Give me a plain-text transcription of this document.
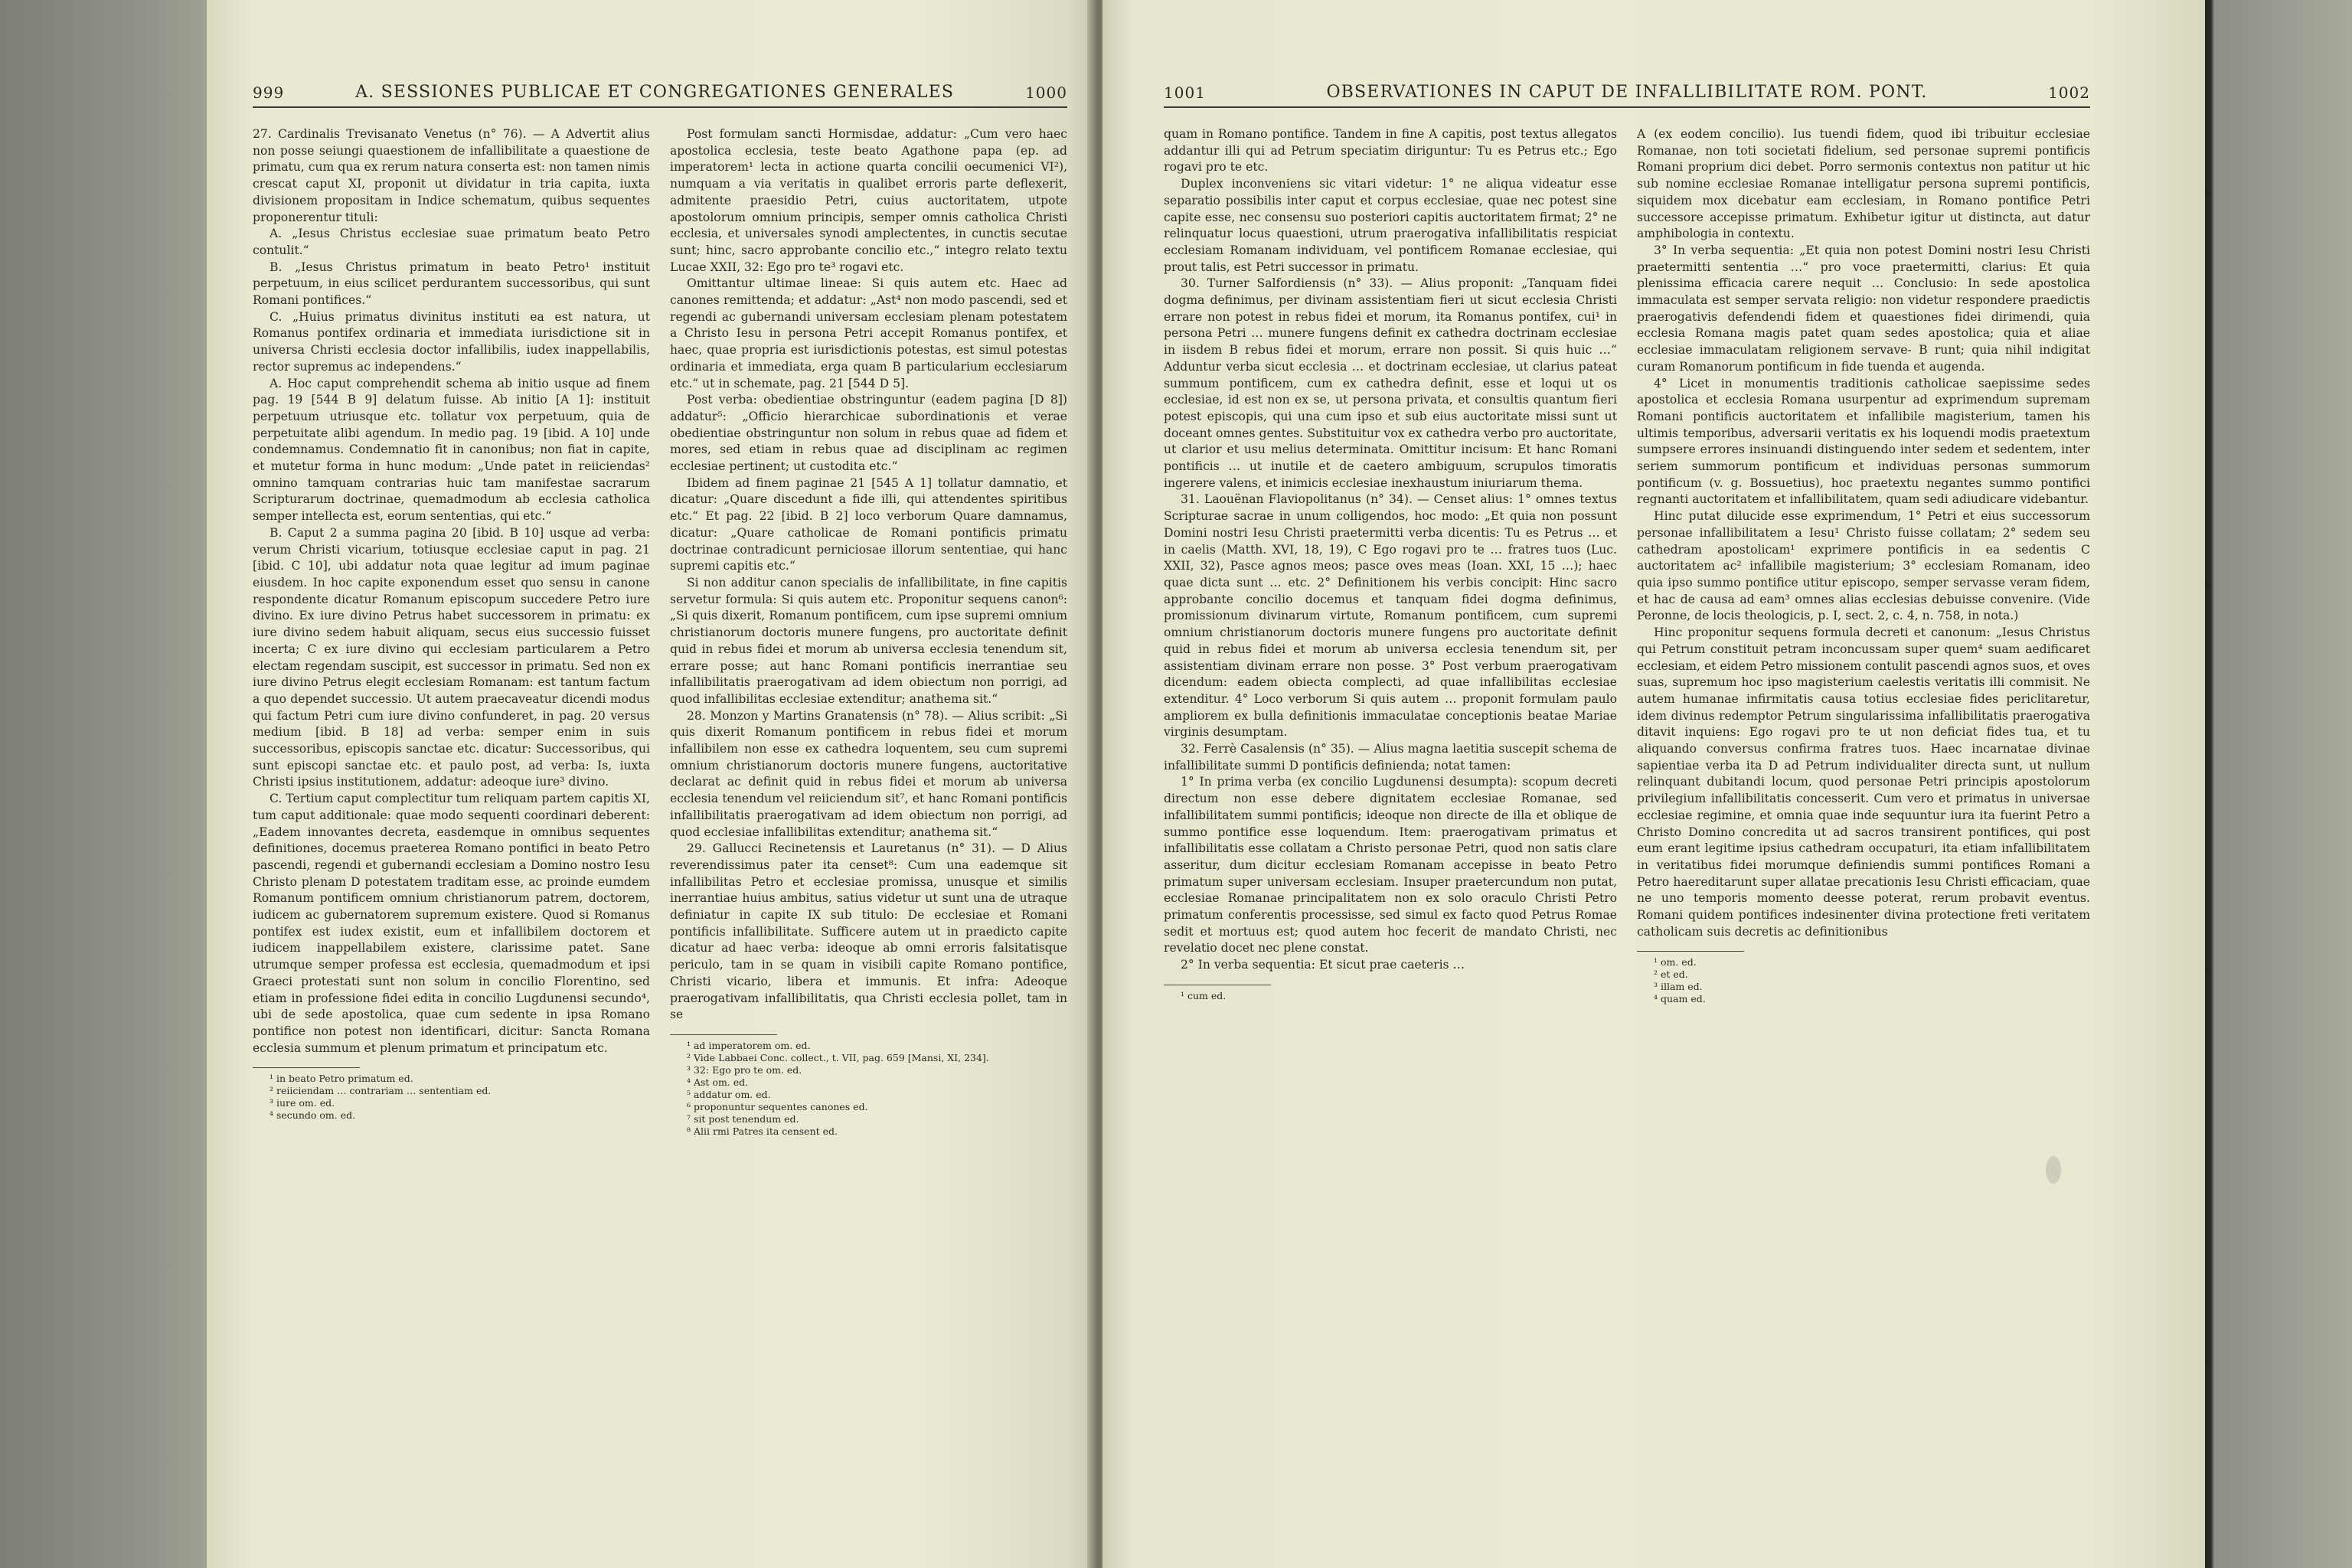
999	A. SESSIONES PUBLICAE ET CONGREGATIONES GENERALES	1000

27. Cardinalis Trevisanato Venetus (n° 76). — A Advertit alius non posse seiungi quaestionem de infallibilitate a quaestione de primatu, cum qua ex rerum natura conserta est: non tamen nimis crescat caput XI, proponit ut dividatur in tria capita, iuxta divisionem propositam in Indice schematum, quibus sequentes proponerentur tituli:

A. „Iesus Christus ecclesiae suae primatum beato Petro contulit.“

B. „Iesus Christus primatum in beato Petro¹ instituit perpetuum, in eius scilicet perdurantem successoribus, qui sunt Romani pontifices.“

C. „Huius primatus divinitus instituti ea est natura, ut Romanus pontifex ordinaria et immediata iurisdictione sit in universa Christi ecclesia doctor infallibilis, iudex inappellabilis, rector supremus ac independens.“

A. Hoc caput comprehendit schema ab initio usque ad finem pag. 19 [544 B 9] delatum fuisse. Ab initio [A 1]: instituit perpetuum utriusque etc. tollatur vox perpetuum, quia de perpetuitate alibi agendum. In medio pag. 19 [ibid. A 10] unde condemnamus. Condemnatio fit in canonibus; non fiat in capite, et mutetur forma in hunc modum: „Unde patet in reiiciendas² omnino tamquam contrarias huic tam manifestae sacrarum Scripturarum doctrinae, quemadmodum ab ecclesia catholica semper intellecta est, eorum sententias, qui etc.“

B. Caput 2 a summa pagina 20 [ibid. B 10] usque ad verba: verum Christi vicarium, totiusque ecclesiae caput in pag. 21 [ibid. C 10], ubi addatur nota quae legitur ad imum paginae eiusdem. In hoc capite exponendum esset quo sensu in canone respondente dicatur Romanum episcopum succedere Petro iure divino. Ex iure divino Petrus habet successorem in primatu: ex iure divino sedem habuit aliquam, secus eius successio fuisset incerta; C ex iure divino qui ecclesiam particularem a Petro electam regendam suscipit, est successor in primatu. Sed non ex iure divino Petrus elegit ecclesiam Romanam: est tantum factum a quo dependet successio. Ut autem praecaveatur dicendi modus qui factum Petri cum iure divino confunderet, in pag. 20 versus medium [ibid. B 18] ad verba: semper enim in suis successoribus, episcopis sanctae etc. dicatur: Successoribus, qui sunt episcopi sanctae etc. et paulo post, ad verba: Is, iuxta Christi ipsius institutionem, addatur: adeoque iure³ divino.

C. Tertium caput complectitur tum reliquam partem capitis XI, tum caput additionale: quae modo sequenti coordinari deberent: „Eadem innovantes decreta, easdemque in omnibus sequentes definitiones, docemus praeterea Romano pontifici in beato Petro pascendi, regendi et gubernandi ecclesiam a Domino nostro Iesu Christo plenam D potestatem traditam esse, ac proinde eumdem Romanum pontificem omnium christianorum patrem, doctorem, iudicem ac gubernatorem supremum existere. Quod si Romanus pontifex est iudex existit, eum et infallibilem doctorem et iudicem inappellabilem existere, clarissime patet. Sane utrumque semper professa est ecclesia, quemadmodum et ipsi Graeci protestati sunt non solum in concilio Florentino, sed etiam in professione fidei edita in concilio Lugdunensi secundo⁴, ubi de sede apostolica, quae cum sedente in ipsa Romano pontifice non potest non identificari, dicitur: Sancta Romana ecclesia summum et plenum primatum et principatum etc.

¹ in beato Petro primatum ed.

² reiiciendam … contrariam … sententiam ed.

³ iure om. ed.

⁴ secundo om. ed.

Post formulam sancti Hormisdae, addatur: „Cum vero haec apostolica ecclesia, teste beato Agathone papa (ep. ad imperatorem¹ lecta in actione quarta concilii oecumenici VI²), numquam a via veritatis in qualibet erroris parte deflexerit, admitente praesidio Petri, cuius auctoritatem, utpote apostolorum omnium principis, semper omnis catholica Christi ecclesia, et universales synodi amplectentes, in cunctis secutae sunt; hinc, sacro approbante concilio etc.,“ integro relato textu Lucae XXII, 32: Ego pro te³ rogavi etc.

Omittantur ultimae lineae: Si quis autem etc. Haec ad canones remittenda; et addatur: „Ast⁴ non modo pascendi, sed et regendi ac gubernandi universam ecclesiam plenam potestatem a Christo Iesu in persona Petri accepit Romanus pontifex, et haec, quae propria est iurisdictionis potestas, est simul potestas ordinaria et immediata, erga quam B particularium ecclesiarum etc.“ ut in schemate, pag. 21 [544 D 5].

Post verba: obedientiae obstringuntur (eadem pagina [D 8]) addatur⁵: „Officio hierarchicae subordinationis et verae obedientiae obstringuntur non solum in rebus quae ad fidem et mores, sed etiam in rebus quae ad disciplinam ac regimen ecclesiae pertinent; ut custodita etc.“

Ibidem ad finem paginae 21 [545 A 1] tollatur damnatio, et dicatur: „Quare discedunt a fide illi, qui attendentes spiritibus etc.“ Et pag. 22 [ibid. B 2] loco verborum Quare damnamus, dicatur: „Quare catholicae de Romani pontificis primatu doctrinae contradicunt perniciosae illorum sententiae, qui hanc supremi capitis etc.“

Si non additur canon specialis de infallibilitate, in fine capitis servetur formula: Si quis autem etc. Proponitur sequens canon⁶: „Si quis dixerit, Romanum pontificem, cum ipse supremi omnium christianorum doctoris munere fungens, pro auctoritate definit quid in rebus fidei et morum ab universa ecclesia tenendum sit, errare posse; aut hanc Romani pontificis inerrantiae seu infallibilitatis praerogativam ad idem obiectum non porrigi, ad quod infallibilitas ecclesiae extenditur; anathema sit.“

28. Monzon y Martins Granatensis (n° 78). — Alius scribit: „Si quis dixerit Romanum pontificem in rebus fidei et morum infallibilem non esse ex cathedra loquentem, seu cum supremi omnium christianorum doctoris munere fungens, auctoritative declarat ac definit quid in rebus fidei et morum ab universa ecclesia tenendum vel reiiciendum sit⁷, et hanc Romani pontificis infallibilitatis praerogativam ad idem obiectum non porrigi, ad quod ecclesiae infallibilitas extenditur; anathema sit.“

29. Gallucci Recinetensis et Lauretanus (n° 31). — D Alius reverendissimus pater ita censet⁸: Cum una eademque sit infallibilitas Petro et ecclesiae promissa, unusque et similis inerrantiae huius ambitus, satius videtur ut sunt una de utraque definiatur in capite IX sub titulo: De ecclesiae et Romani pontificis infallibilitate. Sufficere autem ut in praedicto capite dicatur ad haec verba: ideoque ab omni erroris falsitatisque periculo, tam in se quam in visibili capite Romano pontifice, Christi vicario, libera et immunis. Et infra: Adeoque praerogativam infallibilitatis, qua Christi ecclesia pollet, tam in se

¹ ad imperatorem om. ed.

² Vide Labbaei Conc. collect., t. VII, pag. 659 [Mansi, XI, 234].

³ 32: Ego pro te om. ed.

⁴ Ast om. ed.

⁵ addatur om. ed.

⁶ proponuntur sequentes canones ed.

⁷ sit post tenendum ed.

⁸ Alii rmi Patres ita censent ed.

1001	OBSERVATIONES IN CAPUT DE INFALLIBILITATE ROM. PONT.	1002

quam in Romano pontifice. Tandem in fine A capitis, post textus allegatos addantur illi qui ad Petrum speciatim diriguntur: Tu es Petrus etc.; Ego rogavi pro te etc.

Duplex inconveniens sic vitari videtur: 1° ne aliqua videatur esse separatio possibilis inter caput et corpus ecclesiae, quae nec potest sine capite esse, nec consensu suo posteriori capitis auctoritatem firmat; 2° ne relinquatur locus quaestioni, utrum praerogativa infallibilitatis respiciat ecclesiam Romanam individuam, vel pontificem Romanae ecclesiae, qui prout talis, est Petri successor in primatu.

30. Turner Salfordiensis (n° 33). — Alius proponit: „Tanquam fidei dogma definimus, per divinam assistentiam fieri ut sicut ecclesia Christi errare non potest in rebus fidei et morum, ita Romanus pontifex, cui¹ in persona Petri … munere fungens definit ex cathedra doctrinam ecclesiae in iisdem B rebus fidei et morum, errare non possit. Si quis huic …“ Adduntur verba sicut ecclesia … et doctrinam ecclesiae, ut clarius pateat summum pontificem, cum ex cathedra definit, esse et loqui ut os ecclesiae, id est non ex se, ut persona privata, et consultis quantum fieri potest episcopis, qui una cum ipso et sub eius auctoritate missi sunt ut doceant omnes gentes. Substituitur vox ex cathedra verbo pro auctoritate, ut clarior et usu melius determinata. Omittitur incisum: Et hanc Romani pontificis … ut inutile et de caetero ambiguum, scrupulos timoratis ingerere valens, et inimicis ecclesiae inexhaustum iniuriarum thema.

31. Laouënan Flaviopolitanus (n° 34). — Censet alius: 1° omnes textus Scripturae sacrae in unum colligendos, hoc modo: „Et quia non possunt Domini nostri Iesu Christi praetermitti verba dicentis: Tu es Petrus … et in caelis (Matth. XVI, 18, 19), C Ego rogavi pro te … fratres tuos (Luc. XXII, 32), Pasce agnos meos; pasce oves meas (Ioan. XXI, 15 …); haec quae dicta sunt … etc. 2° Definitionem his verbis concipit: Hinc sacro approbante concilio docemus et tanquam fidei dogma definimus, promissionum divinarum virtute, Romanum pontificem, cum supremi omnium christianorum doctoris munere fungens pro auctoritate definit quid in rebus fidei et morum ab universa ecclesia tenendum sit, per assistentiam divinam errare non posse. 3° Post verbum praerogativam dicendum: eadem obiecta complecti, ad quae infallibilitas ecclesiae extenditur. 4° Loco verborum Si quis autem … proponit formulam paulo ampliorem ex bulla definitionis immaculatae conceptionis beatae Mariae virginis desumptam.

32. Ferrè Casalensis (n° 35). — Alius magna laetitia suscepit schema de infallibilitate summi D pontificis definienda; notat tamen:

1° In prima verba (ex concilio Lugdunensi desumpta): scopum decreti directum non esse debere dignitatem ecclesiae Romanae, sed infallibilitatem summi pontificis; ideoque non directe de illa et oblique de summo pontifice esse loquendum. Item: praerogativam primatus et infallibilitatis esse collatam a Christo personae Petri, quod non satis clare asseritur, dum dicitur ecclesiam Romanam accepisse in beato Petro primatum super universam ecclesiam. Insuper praetercundum non putat, ecclesiae Romanae principalitatem non ex solo oraculo Christi Petro primatum conferentis processisse, sed simul ex facto quod Petrus Romae sedit et mortuus est; quod autem hoc fecerit de mandato Christi, nec revelatio docet nec plene constat.

2° In verba sequentia: Et sicut prae caeteris …

¹ cum ed.

A (ex eodem concilio). Ius tuendi fidem, quod ibi tribuitur ecclesiae Romanae, non toti societati fidelium, sed personae supremi pontificis Romani proprium dici debet. Porro sermonis contextus non patitur ut hic sub nomine ecclesiae Romanae intelligatur persona supremi pontificis, siquidem mox dicebatur eam ecclesiam, in Romano pontifice Petri successore accepisse primatum. Exhibetur igitur ut distincta, aut datur amphibologia in contextu.

3° In verba sequentia: „Et quia non potest Domini nostri Iesu Christi praetermitti sententia …“ pro voce praetermitti, clarius: Et quia plenissima efficacia carere nequit … Conclusio: In sede apostolica immaculata est semper servata religio: non videtur respondere praedictis praerogativis defendendi fidem et quaestiones fidei dirimendi, quia ecclesia Romana magis patet quam sedes apostolica; quia et aliae ecclesiae immaculatam religionem servave- B runt; quia nihil indigitat curam Romanorum pontificum in fide tuenda et augenda.

4° Licet in monumentis traditionis catholicae saepissime sedes apostolica et ecclesia Romana usurpentur ad exprimendum supremam Romani pontificis auctoritatem et infallibile magisterium, tamen his ultimis temporibus, adversarii veritatis ex his loquendi modis praetextum sumpsere errores insinuandi distinguendo inter sedem et sedentem, inter seriem summorum pontificum et individuas personas summorum pontificum (v. g. Bossuetius), hoc praetextu negantes summo pontifici regnanti auctoritatem et infallibilitatem, quam sedi adiudicare videbantur.

Hinc putat dilucide esse exprimendum, 1° Petri et eius successorum personae infallibilitatem a Iesu¹ Christo fuisse collatam; 2° sedem seu cathedram apostolicam¹ exprimere pontificis in ea sedentis C auctoritatem ac² infallibile magisterium; 3° ecclesiam Romanam, ideo quia ipso summo pontifice utitur episcopo, semper servasse veram fidem, et hac de causa ad eam³ omnes alias ecclesias debuisse convenire. (Vide Peronne, de locis theologicis, p. I, sect. 2, c. 4, n. 758, in nota.)

Hinc proponitur sequens formula decreti et canonum: „Iesus Christus qui Petrum constituit petram inconcussam super quem⁴ suam aedificaret ecclesiam, et eidem Petro missionem contulit pascendi agnos suos, et oves suas, supremum hoc ipso magisterium caelestis veritatis illi commisit. Ne autem humanae infirmitatis causa totius ecclesiae fides periclitaretur, idem divinus redemptor Petrum singularissima infallibilitatis praerogativa ditavit inquiens: Ego rogavi pro te ut non deficiat fides tua, et tu aliquando conversus confirma fratres tuos. Haec incarnatae divinae sapientiae verba ita D ad Petrum individualiter directa sunt, ut nullum relinquant dubitandi locum, quod personae Petri principis apostolorum privilegium infallibilitatis concesserit. Cum vero et primatus in universae ecclesiae regimine, et omnia quae inde sequuntur iura ita fuerint Petro a Christo Domino concredita ut ad sacros transirent pontifices, qui post eum erant legitime ipsius cathedram occupaturi, ita etiam infallibilitatem in veritatibus fidei morumque definiendis summi pontifices Romani a Petro haereditarunt super allatae precationis Iesu Christi efficaciam, quae ne uno temporis momento deesse poterat, rerum probavit eventus. Romani quidem pontifices indesinenter divina protectione freti veritatem catholicam suis decretis ac definitionibus

¹ om. ed.

² et ed.

³ illam ed.

⁴ quam ed.
